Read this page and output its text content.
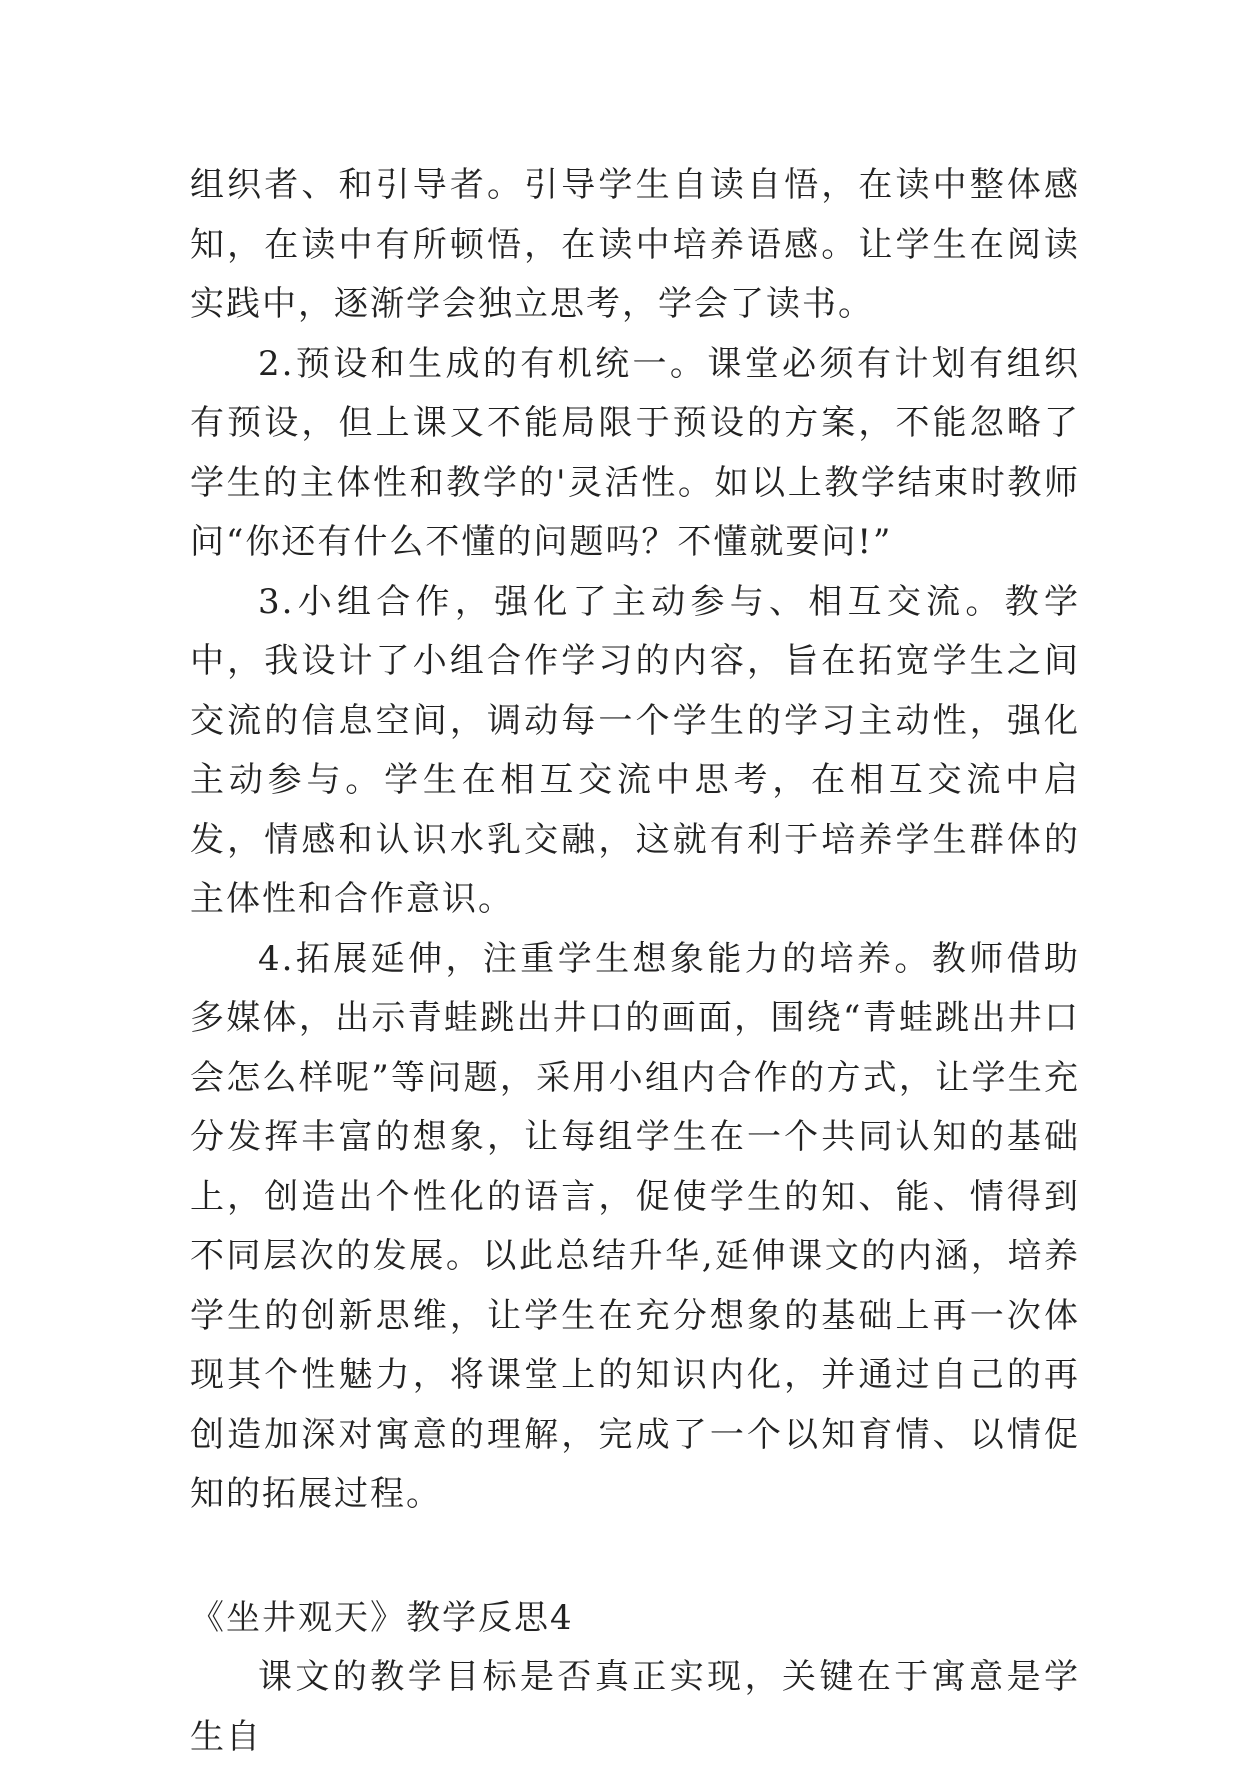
组织者、和引导者。引导学生自读自悟，在读中整体感知，在读中有所顿悟，在读中培养语感。让学生在阅读实践中，逐渐学会独立思考，学会了读书。

2.预设和生成的有机统一。课堂必须有计划有组织有预设，但上课又不能局限于预设的方案，不能忽略了学生的主体性和教学的'灵活性。如以上教学结束时教师问“你还有什么不懂的问题吗？不懂就要问!”

3.小组合作，强化了主动参与、相互交流。教学中，我设计了小组合作学习的内容，旨在拓宽学生之间交流的信息空间，调动每一个学生的学习主动性，强化主动参与。学生在相互交流中思考，在相互交流中启发，情感和认识水乳交融，这就有利于培养学生群体的主体性和合作意识。

4.拓展延伸，注重学生想象能力的培养。教师借助多媒体，出示青蛙跳出井口的画面，围绕“青蛙跳出井口会怎么样呢”等问题，采用小组内合作的方式，让学生充分发挥丰富的想象，让每组学生在一个共同认知的基础上，创造出个性化的语言，促使学生的知、能、情得到不同层次的发展。以此总结升华,延伸课文的内涵，培养学生的创新思维，让学生在充分想象的基础上再一次体现其个性魅力，将课堂上的知识内化，并通过自己的再创造加深对寓意的理解，完成了一个以知育情、以情促知的拓展过程。

《坐井观天》教学反思4

课文的教学目标是否真正实现，关键在于寓意是学生自
